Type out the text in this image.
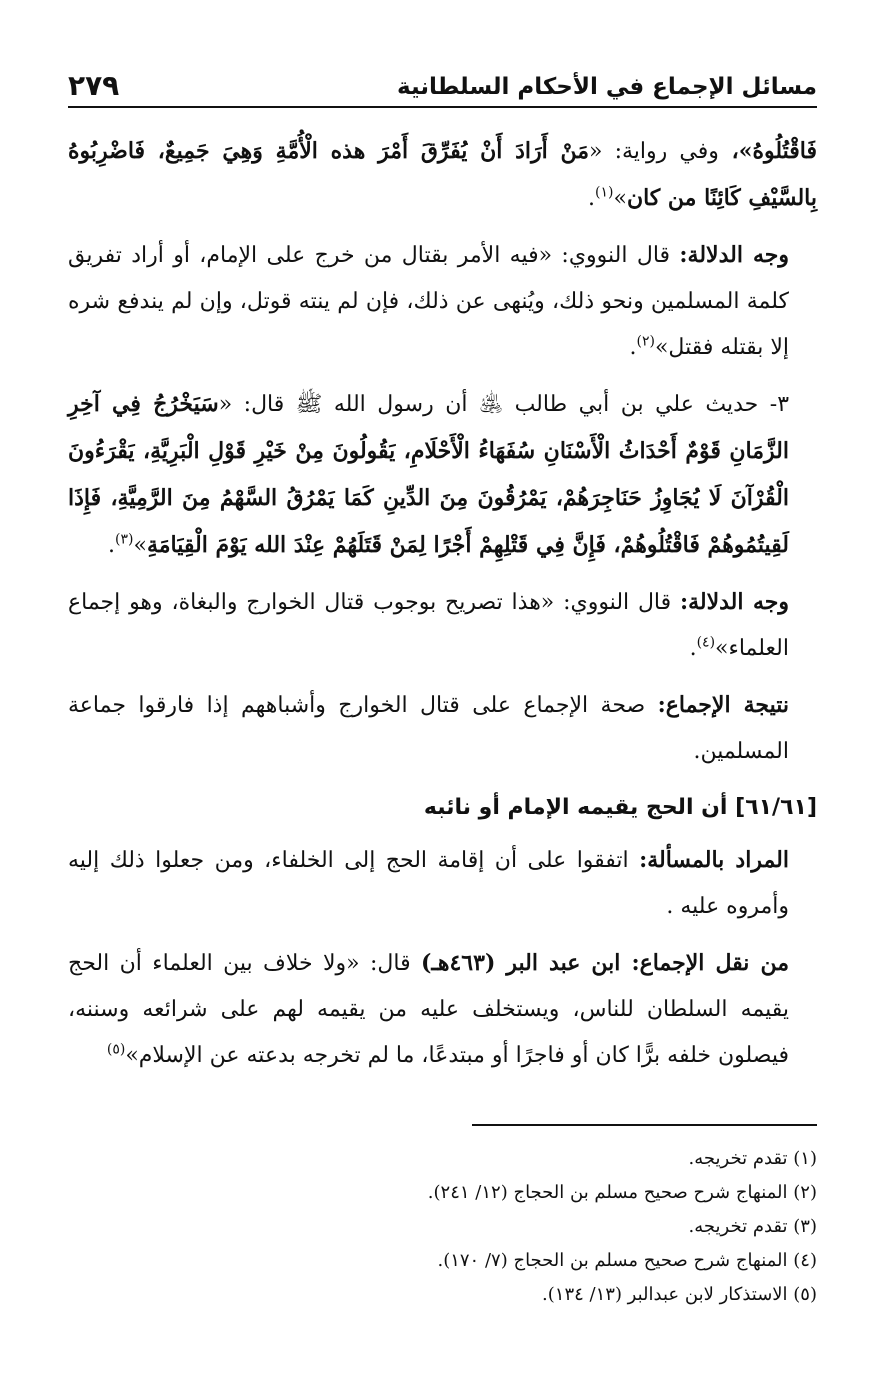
مسائل الإجماع في الأحكام السلطانية
٢٧٩

فَاقْتُلُوهُ»، وفي رواية: «مَنْ أَرَادَ أَنْ يُفَرِّقَ أَمْرَ هذه الْأُمَّةِ وَهِيَ جَمِيعٌ، فَاضْرِبُوهُ بِالسَّيْفِ كَائِنًا من كان»$^{(١)}$.

وجه الدلالة: قال النووي: «فيه الأمر بقتال من خرج على الإمام، أو أراد تفريق كلمة المسلمين ونحو ذلك، ويُنهى عن ذلك، فإن لم ينته قوتل، وإن لم يندفع شره إلا بقتله فقتل»$^{(٢)}$.

٣- حديث علي بن أبي طالب ﵁ أن رسول الله ﷺ قال: «سَيَخْرُجُ فِي آخِرِ الزَّمَانِ قَوْمٌ أَحْدَاثُ الْأَسْنَانِ سُفَهَاءُ الْأَحْلَامِ، يَقُولُونَ مِنْ خَيْرِ قَوْلِ الْبَرِيَّةِ، يَقْرَءُونَ الْقُرْآنَ لَا يُجَاوِزُ حَنَاجِرَهُمْ، يَمْرُقُونَ مِنَ الدِّينِ كَمَا يَمْرُقُ السَّهْمُ مِنَ الرَّمِيَّةِ، فَإِذَا لَقِيتُمُوهُمْ فَاقْتُلُوهُمْ، فَإِنَّ فِي قَتْلِهِمْ أَجْرًا لِمَنْ قَتَلَهُمْ عِنْدَ الله يَوْمَ الْقِيَامَةِ»$^{(٣)}$.

وجه الدلالة: قال النووي: «هذا تصريح بوجوب قتال الخوارج والبغاة، وهو إجماع العلماء»$^{(٤)}$.

نتيجة الإجماع: صحة الإجماع على قتال الخوارج وأشباههم إذا فارقوا جماعة المسلمين.

[٦١/٦١] أن الحج يقيمه الإمام أو نائبه

المراد بالمسألة: اتفقوا على أن إقامة الحج إلى الخلفاء، ومن جعلوا ذلك إليه وأمروه عليه .

من نقل الإجماع: ابن عبد البر (٤٦٣هـ) قال: «ولا خلاف بين العلماء أن الحج يقيمه السلطان للناس، ويستخلف عليه من يقيمه لهم على شرائعه وسننه، فيصلون خلفه برًّا كان أو فاجرًا أو مبتدعًا، ما لم تخرجه بدعته عن الإسلام»$^{(٥)}$

(١) تقدم تخريجه.

(٢) المنهاج شرح صحيح مسلم بن الحجاج (١٢/ ٢٤١).

(٣) تقدم تخريجه.

(٤) المنهاج شرح صحيح مسلم بن الحجاج (٧/ ١٧٠).

(٥) الاستذكار لابن عبدالبر (١٣/ ١٣٤).
